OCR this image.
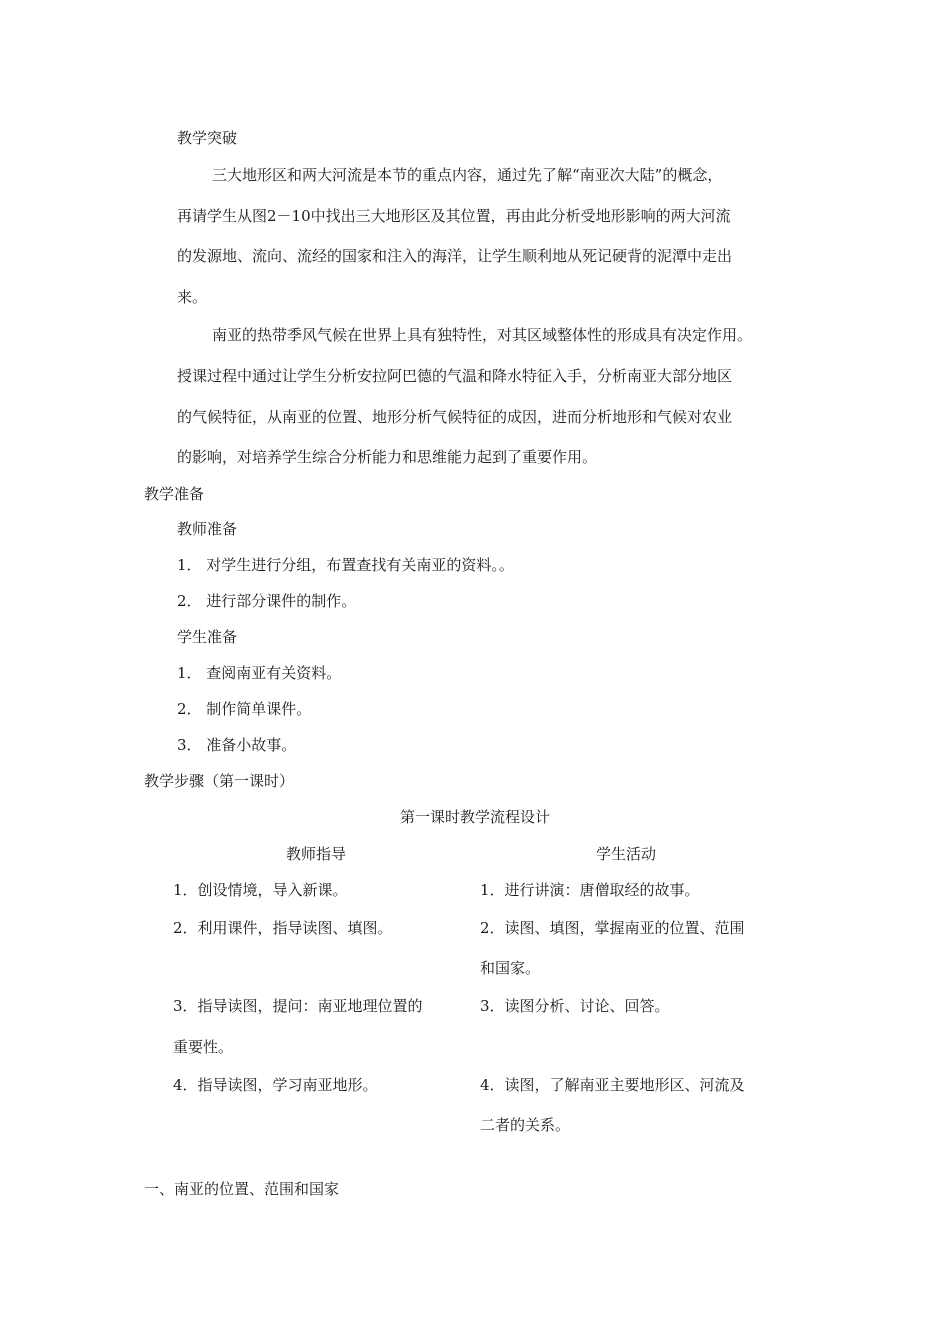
教学突破
三大地形区和两大河流是本节的重点内容，通过先了解“南亚次大陆”的概念，
再请学生从图2－10中找出三大地形区及其位置，再由此分析受地形影响的两大河流
的发源地、流向、流经的国家和注入的海洋，让学生顺利地从死记硬背的泥潭中走出
来。
南亚的热带季风气候在世界上具有独特性，对其区域整体性的形成具有决定作用。
授课过程中通过让学生分析安拉阿巴德的气温和降水特征入手，分析南亚大部分地区
的气候特征，从南亚的位置、地形分析气候特征的成因，进而分析地形和气候对农业
的影响，对培养学生综合分析能力和思维能力起到了重要作用。
教学准备
教师准备
1． 对学生进行分组，布置查找有关南亚的资料。。
2． 进行部分课件的制作。
学生准备
1． 查阅南亚有关资料。
2． 制作简单课件。
3． 准备小故事。
教学步骤（第一课时）
第一课时教学流程设计
教师指导	学生活动
1．创设情境，导入新课。
2．利用课件，指导读图、填图。
3．指导读图，提问：南亚地理位置的
重要性。
4．指导读图，学习南亚地形。
1．进行讲演：唐僧取经的故事。
2．读图、填图，掌握南亚的位置、范围
和国家。
3．读图分析、讨论、回答。
4．读图，了解南亚主要地形区、河流及
二者的关系。
一、南亚的位置、范围和国家
